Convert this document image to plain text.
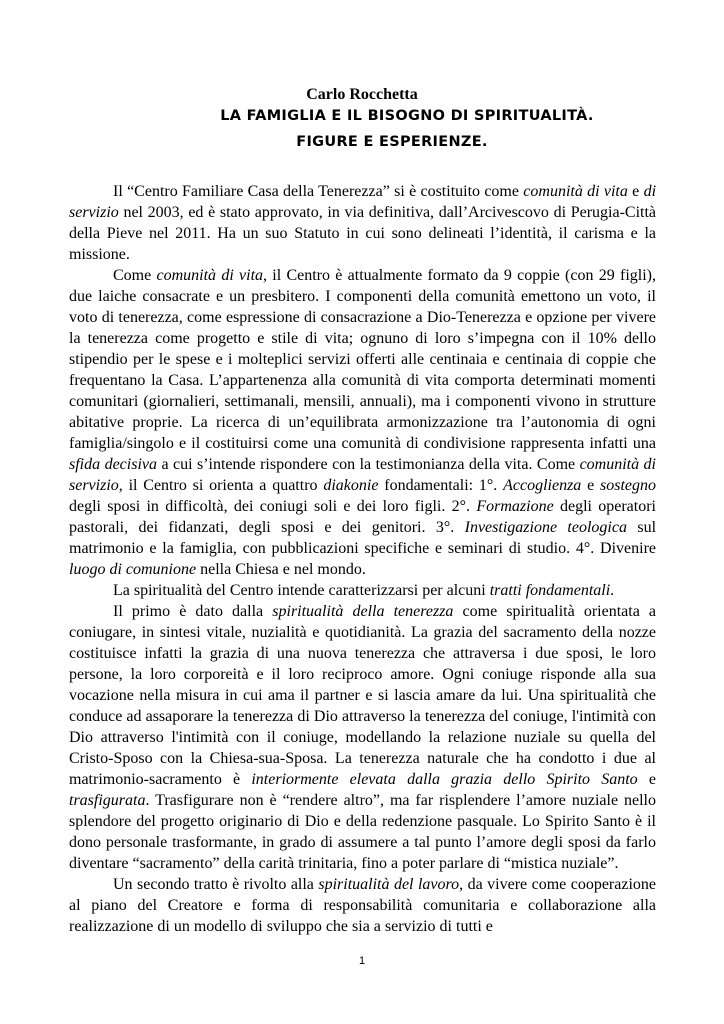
Carlo Rocchetta
LA FAMIGLIA E IL BISOGNO DI SPIRITUALITÀ.
FIGURE E ESPERIENZE.

Il “Centro Familiare Casa della Tenerezza” si è costituito come comunità di vita e di servizio nel 2003, ed è stato approvato, in via definitiva, dall’Arcivescovo di Perugia-Città della Pieve nel 2011. Ha un suo Statuto in cui sono delineati l’identità, il carisma e la missione.

Come comunità di vita, il Centro è attualmente formato da 9 coppie (con 29 figli), due laiche consacrate e un presbitero. I componenti della comunità emettono un voto, il voto di tenerezza, come espressione di consacrazione a Dio-Tenerezza e opzione per vivere la tenerezza come progetto e stile di vita; ognuno di loro s’impegna con il 10% dello stipendio per le spese e i molteplici servizi offerti alle centinaia e centinaia di coppie che frequentano la Casa. L’appartenenza alla comunità di vita comporta determinati momenti comunitari (giornalieri, settimanali, mensili, annuali), ma i componenti vivono in strutture abitative proprie. La ricerca di un’equilibrata armonizzazione tra l’autonomia di ogni famiglia/singolo e il costituirsi come una comunità di condivisione rappresenta infatti una sfida decisiva a cui s’intende rispondere con la testimonianza della vita. Come comunità di servizio, il Centro si orienta a quattro diakonie fondamentali: 1°. Accoglienza e sostegno degli sposi in difficoltà, dei coniugi soli e dei loro figli. 2°. Formazione degli operatori pastorali, dei fidanzati, degli sposi e dei genitori. 3°. Investigazione teologica sul matrimonio e la famiglia, con pubblicazioni specifiche e seminari di studio. 4°. Divenire luogo di comunione nella Chiesa e nel mondo.

La spiritualità del Centro intende caratterizzarsi per alcuni tratti fondamentali.

Il primo è dato dalla spiritualità della tenerezza come spiritualità orientata a coniugare, in sintesi vitale, nuzialità e quotidianità. La grazia del sacramento della nozze costituisce infatti la grazia di una nuova tenerezza che attraversa i due sposi, le loro persone, la loro corporeità e il loro reciproco amore. Ogni coniuge risponde alla sua vocazione nella misura in cui ama il partner e si lascia amare da lui. Una spiritualità che conduce ad assaporare la tenerezza di Dio attraverso la tenerezza del coniuge, l'intimità con Dio attraverso l'intimità con il coniuge, modellando la relazione nuziale su quella del Cristo-Sposo con la Chiesa-sua-Sposa. La tenerezza naturale che ha condotto i due al matrimonio-sacramento è interiormente elevata dalla grazia dello Spirito Santo e trasfigurata. Trasfigurare non è “rendere altro”, ma far risplendere l’amore nuziale nello splendore del progetto originario di Dio e della redenzione pasquale. Lo Spirito Santo è il dono personale trasformante, in grado di assumere a tal punto l’amore degli sposi da farlo diventare “sacramento” della carità trinitaria, fino a poter parlare di “mistica nuziale”.

Un secondo tratto è rivolto alla spiritualità del lavoro, da vivere come cooperazione al piano del Creatore e forma di responsabilità comunitaria e collaborazione alla realizzazione di un modello di sviluppo che sia a servizio di tutti e

1
